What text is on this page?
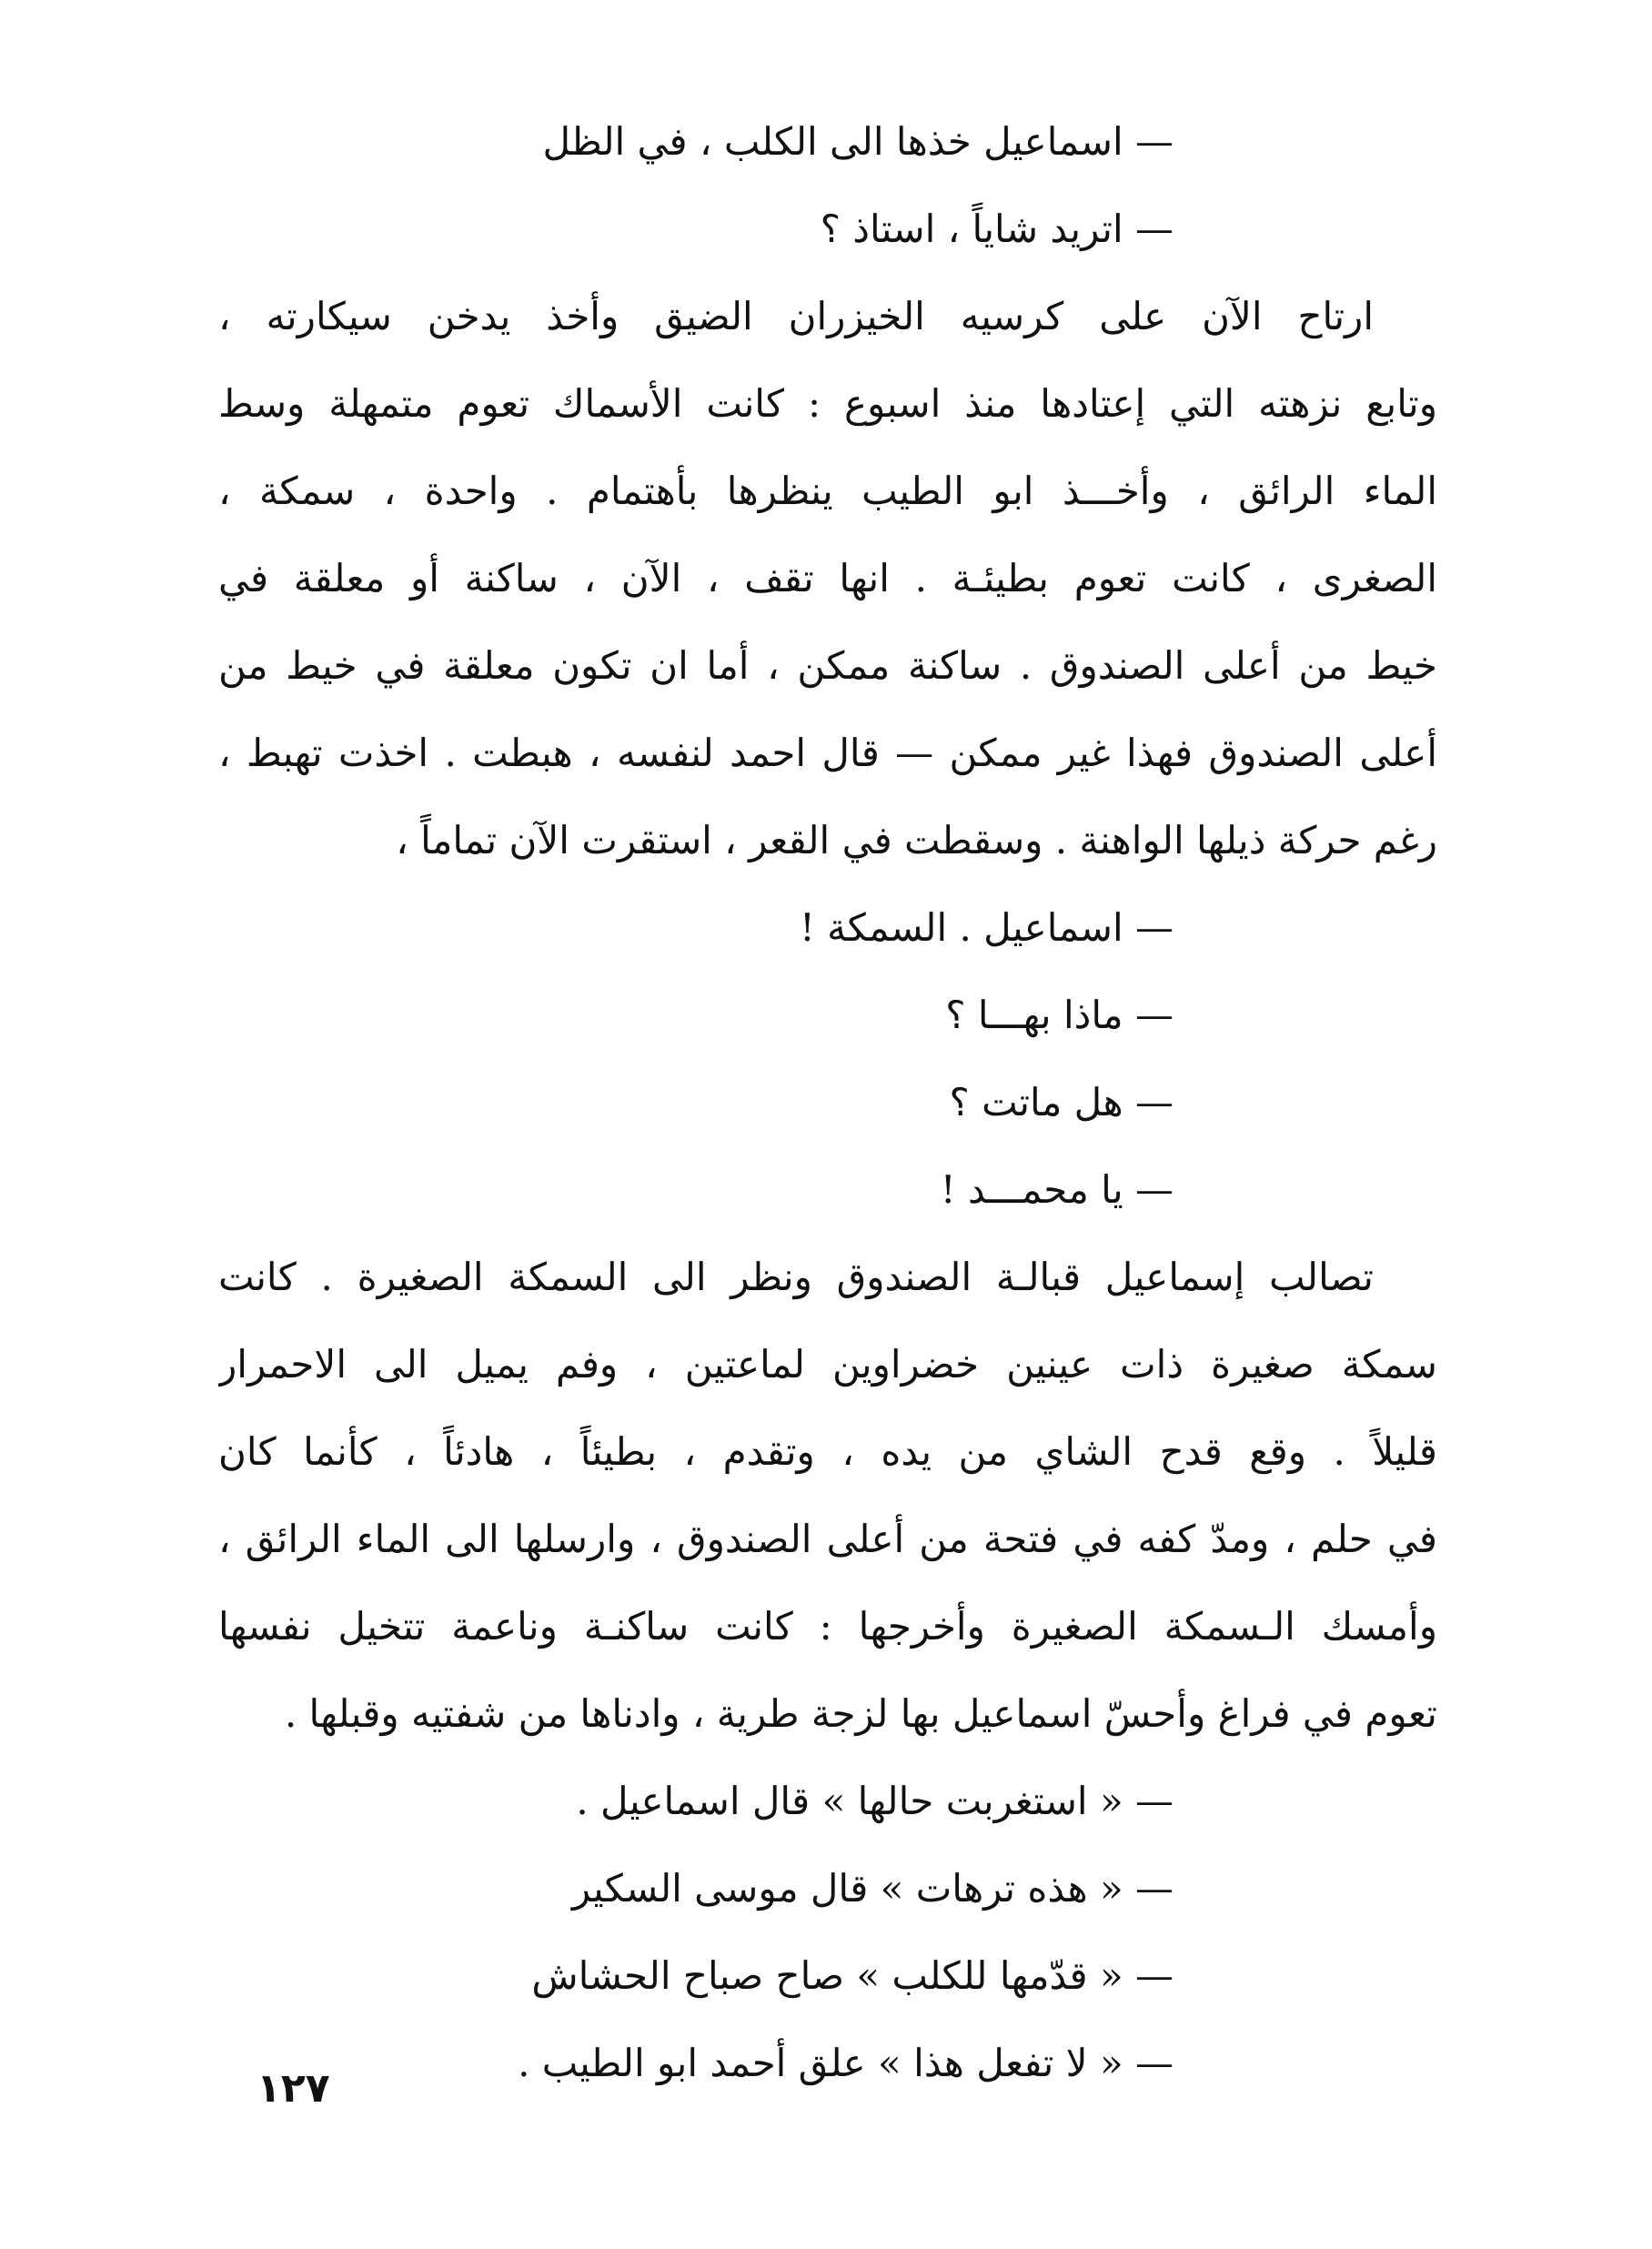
— اسماعيل خذها الى الكلب ، في الظل
— اتريد شاياً ، استاذ ؟
ارتاح الآن على كرسيه الخيزران الضيق وأخذ يدخن سيكارته ،
وتابع نزهته التي إعتادها منذ اسبوع : كانت الأسماك تعوم متمهلة وسط
الماء الرائق ، وأخـــذ ابو الطيب ينظرها بأهتمام . واحدة ، سمكة ،
الصغرى ، كانت تعوم بطيئـة . انها تقف ، الآن ، ساكنة أو معلقة في
خيط من أعلى الصندوق . ساكنة ممكن ، أما ان تكون معلقة في خيط من
أعلى الصندوق فهذا غير ممكن — قال احمد لنفسه ، هبطت . اخذت تهبط ،
رغم حركة ذيلها الواهنة . وسقطت في القعر ، استقرت الآن تماماً ،
— اسماعيل . السمكة !
— ماذا بهـــا ؟
— هل ماتت ؟
— يا محمـــد !
تصالب إسماعيل قبالـة الصندوق ونظر الى السمكة الصغيرة . كانت
سمكة صغيرة ذات عينين خضراوين لماعتين ، وفم يميل الى الاحمرار
قليلاً . وقع قدح الشاي من يده ، وتقدم ، بطيئاً ، هادئاً ، كأنما كان
في حلم ، ومدّ كفه في فتحة من أعلى الصندوق ، وارسلها الى الماء الرائق ،
وأمسك الـسمكة الصغيرة وأخرجها : كانت ساكنـة وناعمة تتخيل نفسها
تعوم في فراغ وأحسّ اسماعيل بها لزجة طرية ، وادناها من شفتيه وقبلها .
— « استغربت حالها » قال اسماعيل .
— « هذه ترهات » قال موسى السكير
— « قدّمها للكلب » صاح صباح الحشاش
— « لا تفعل هذا » علق أحمد ابو الطيب .
١٢٧
